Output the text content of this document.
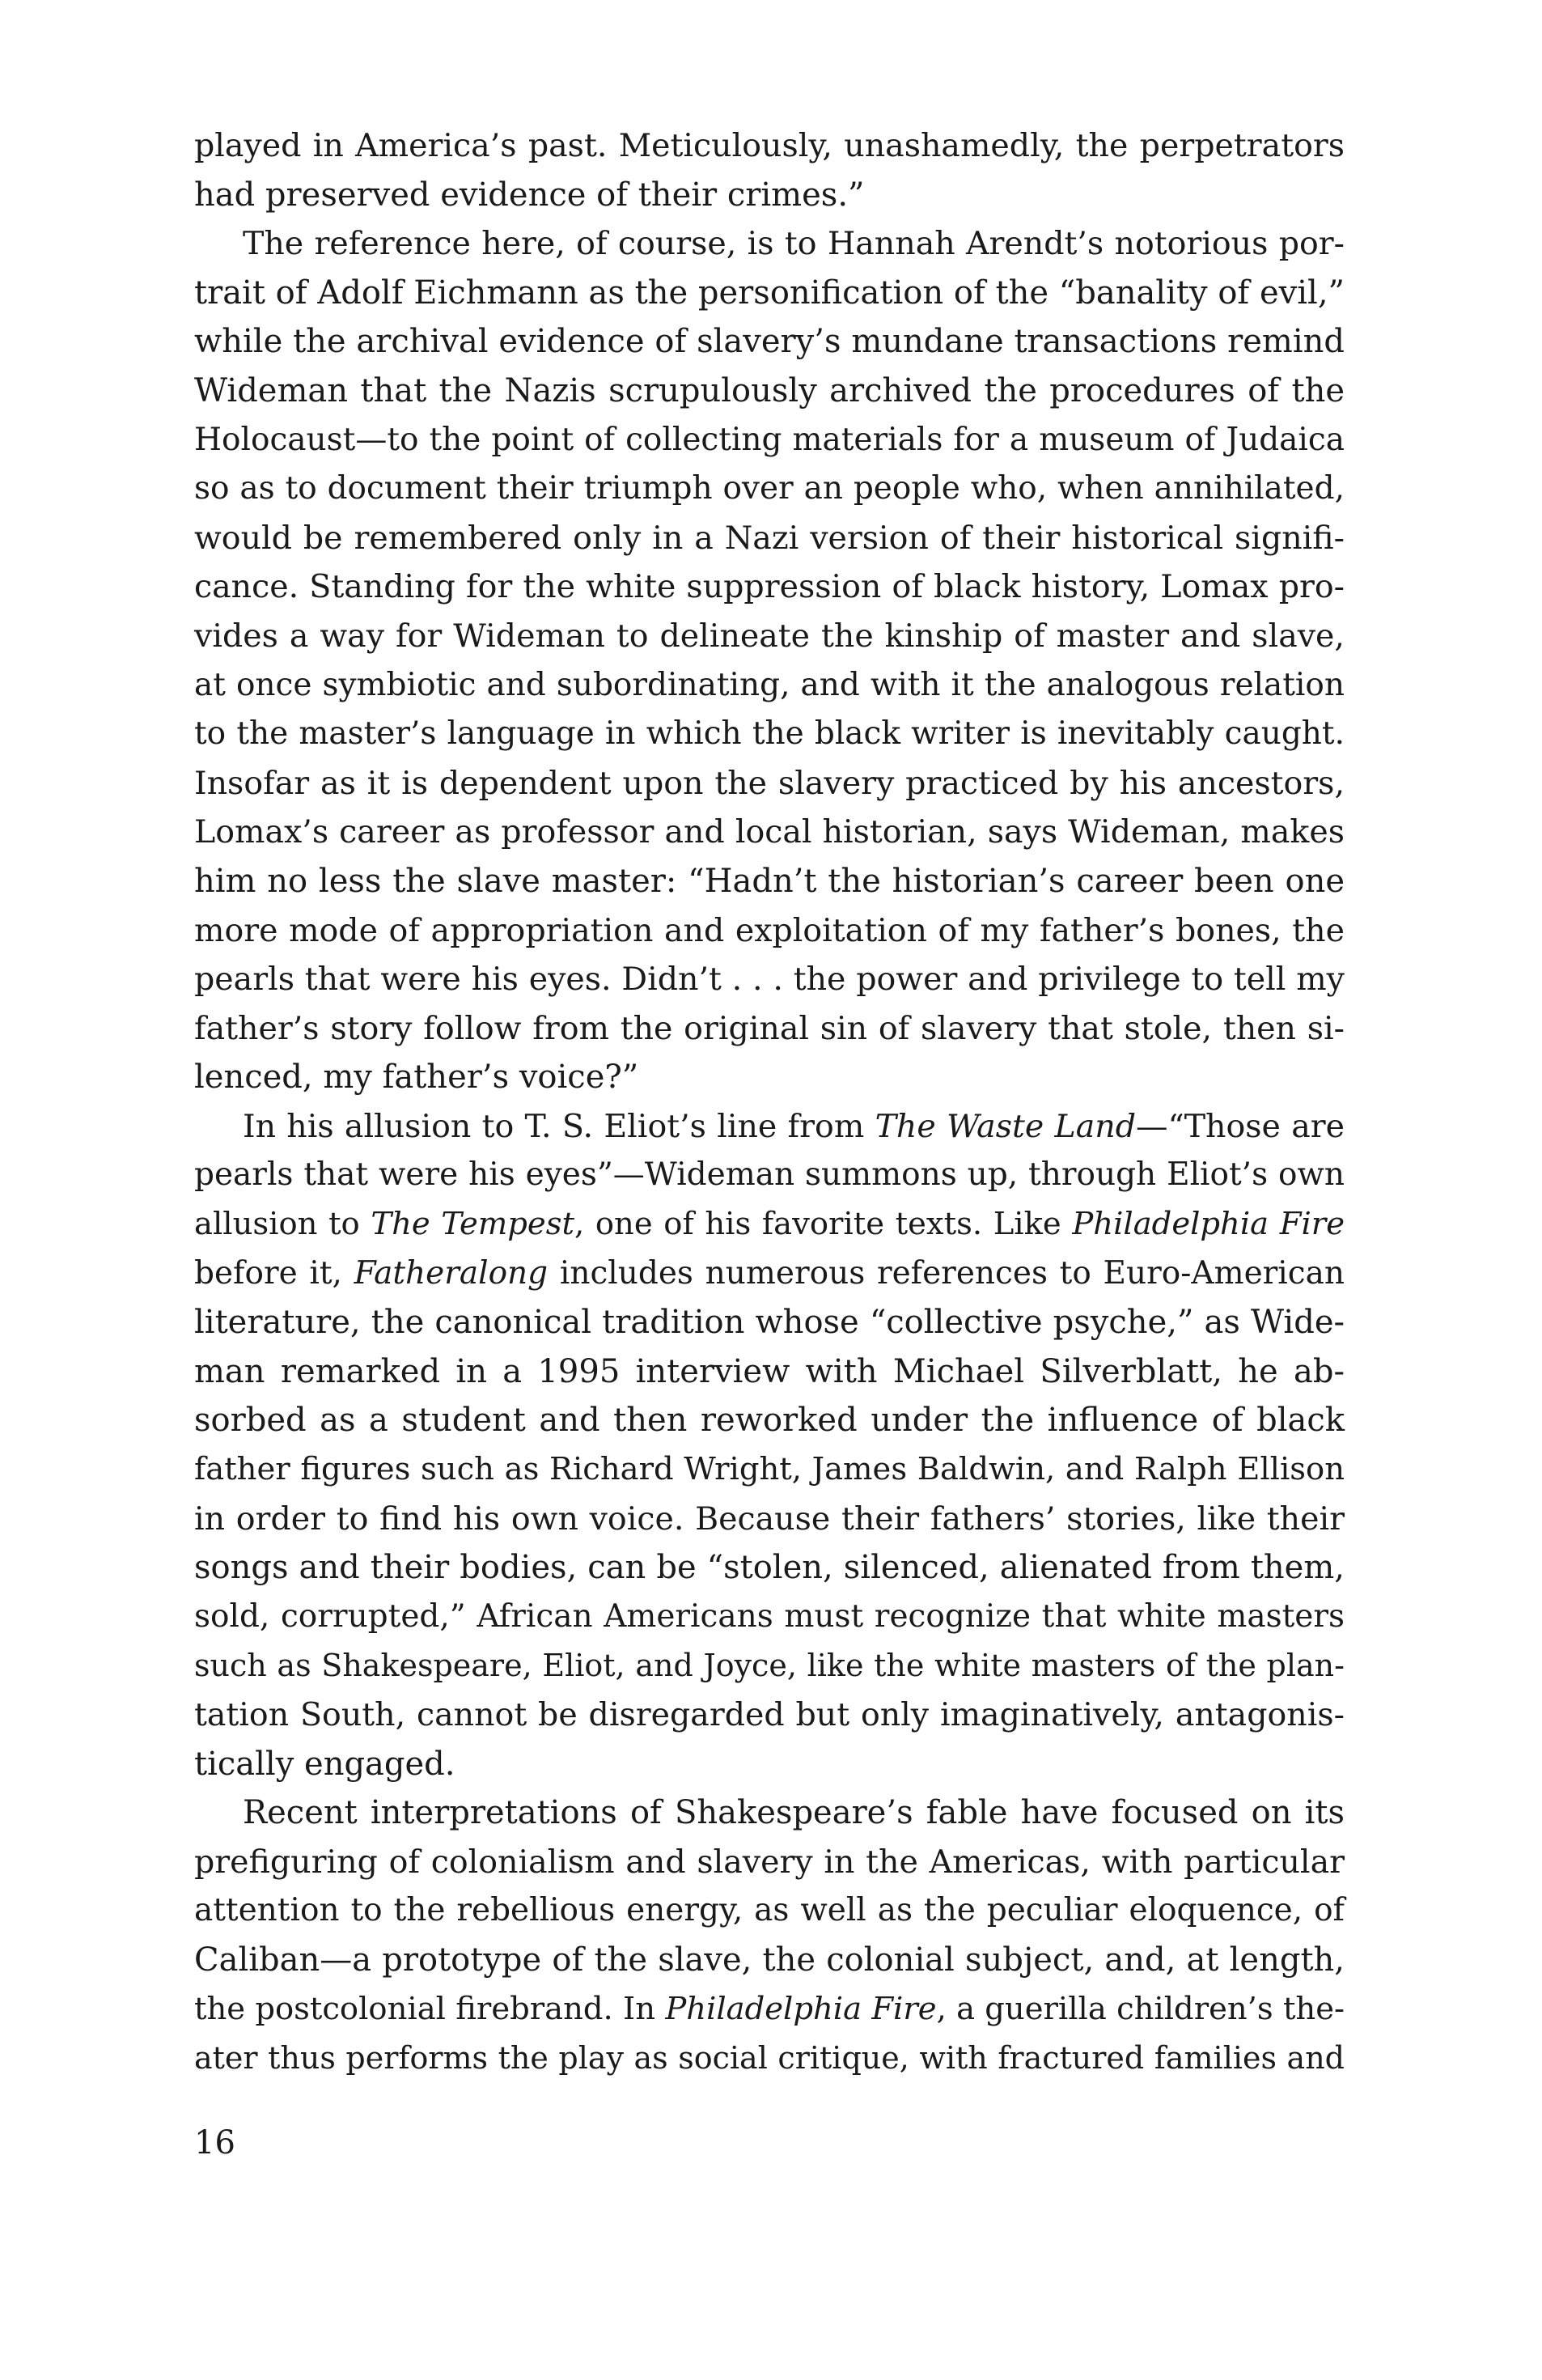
played in America’s past. Meticulously, unashamedly, the perpetrators
had preserved evidence of their crimes.”
The reference here, of course, is to Hannah Arendt’s notorious por-
trait of Adolf Eichmann as the personification of the “banality of evil,”
while the archival evidence of slavery’s mundane transactions remind
Wideman that the Nazis scrupulously archived the procedures of the
Holocaust—to the point of collecting materials for a museum of Judaica
so as to document their triumph over an people who, when annihilated,
would be remembered only in a Nazi version of their historical signifi-
cance. Standing for the white suppression of black history, Lomax pro-
vides a way for Wideman to delineate the kinship of master and slave,
at once symbiotic and subordinating, and with it the analogous relation
to the master’s language in which the black writer is inevitably caught.
Insofar as it is dependent upon the slavery practiced by his ancestors,
Lomax’s career as professor and local historian, says Wideman, makes
him no less the slave master: “Hadn’t the historian’s career been one
more mode of appropriation and exploitation of my father’s bones, the
pearls that were his eyes. Didn’t . . . the power and privilege to tell my
father’s story follow from the original sin of slavery that stole, then si-
lenced, my father’s voice?”
In his allusion to T. S. Eliot’s line from The Waste Land—“Those are
pearls that were his eyes”—Wideman summons up, through Eliot’s own
allusion to The Tempest, one of his favorite texts. Like Philadelphia Fire
before it, Fatheralong includes numerous references to Euro-American
literature, the canonical tradition whose “collective psyche,” as Wide-
man remarked in a 1995 interview with Michael Silverblatt, he ab-
sorbed as a student and then reworked under the influence of black
father figures such as Richard Wright, James Baldwin, and Ralph Ellison
in order to find his own voice. Because their fathers’ stories, like their
songs and their bodies, can be “stolen, silenced, alienated from them,
sold, corrupted,” African Americans must recognize that white masters
such as Shakespeare, Eliot, and Joyce, like the white masters of the plan-
tation South, cannot be disregarded but only imaginatively, antagonis-
tically engaged.
Recent interpretations of Shakespeare’s fable have focused on its
prefiguring of colonialism and slavery in the Americas, with particular
attention to the rebellious energy, as well as the peculiar eloquence, of
Caliban—a prototype of the slave, the colonial subject, and, at length,
the postcolonial firebrand. In Philadelphia Fire, a guerilla children’s the-
ater thus performs the play as social critique, with fractured families and
16
